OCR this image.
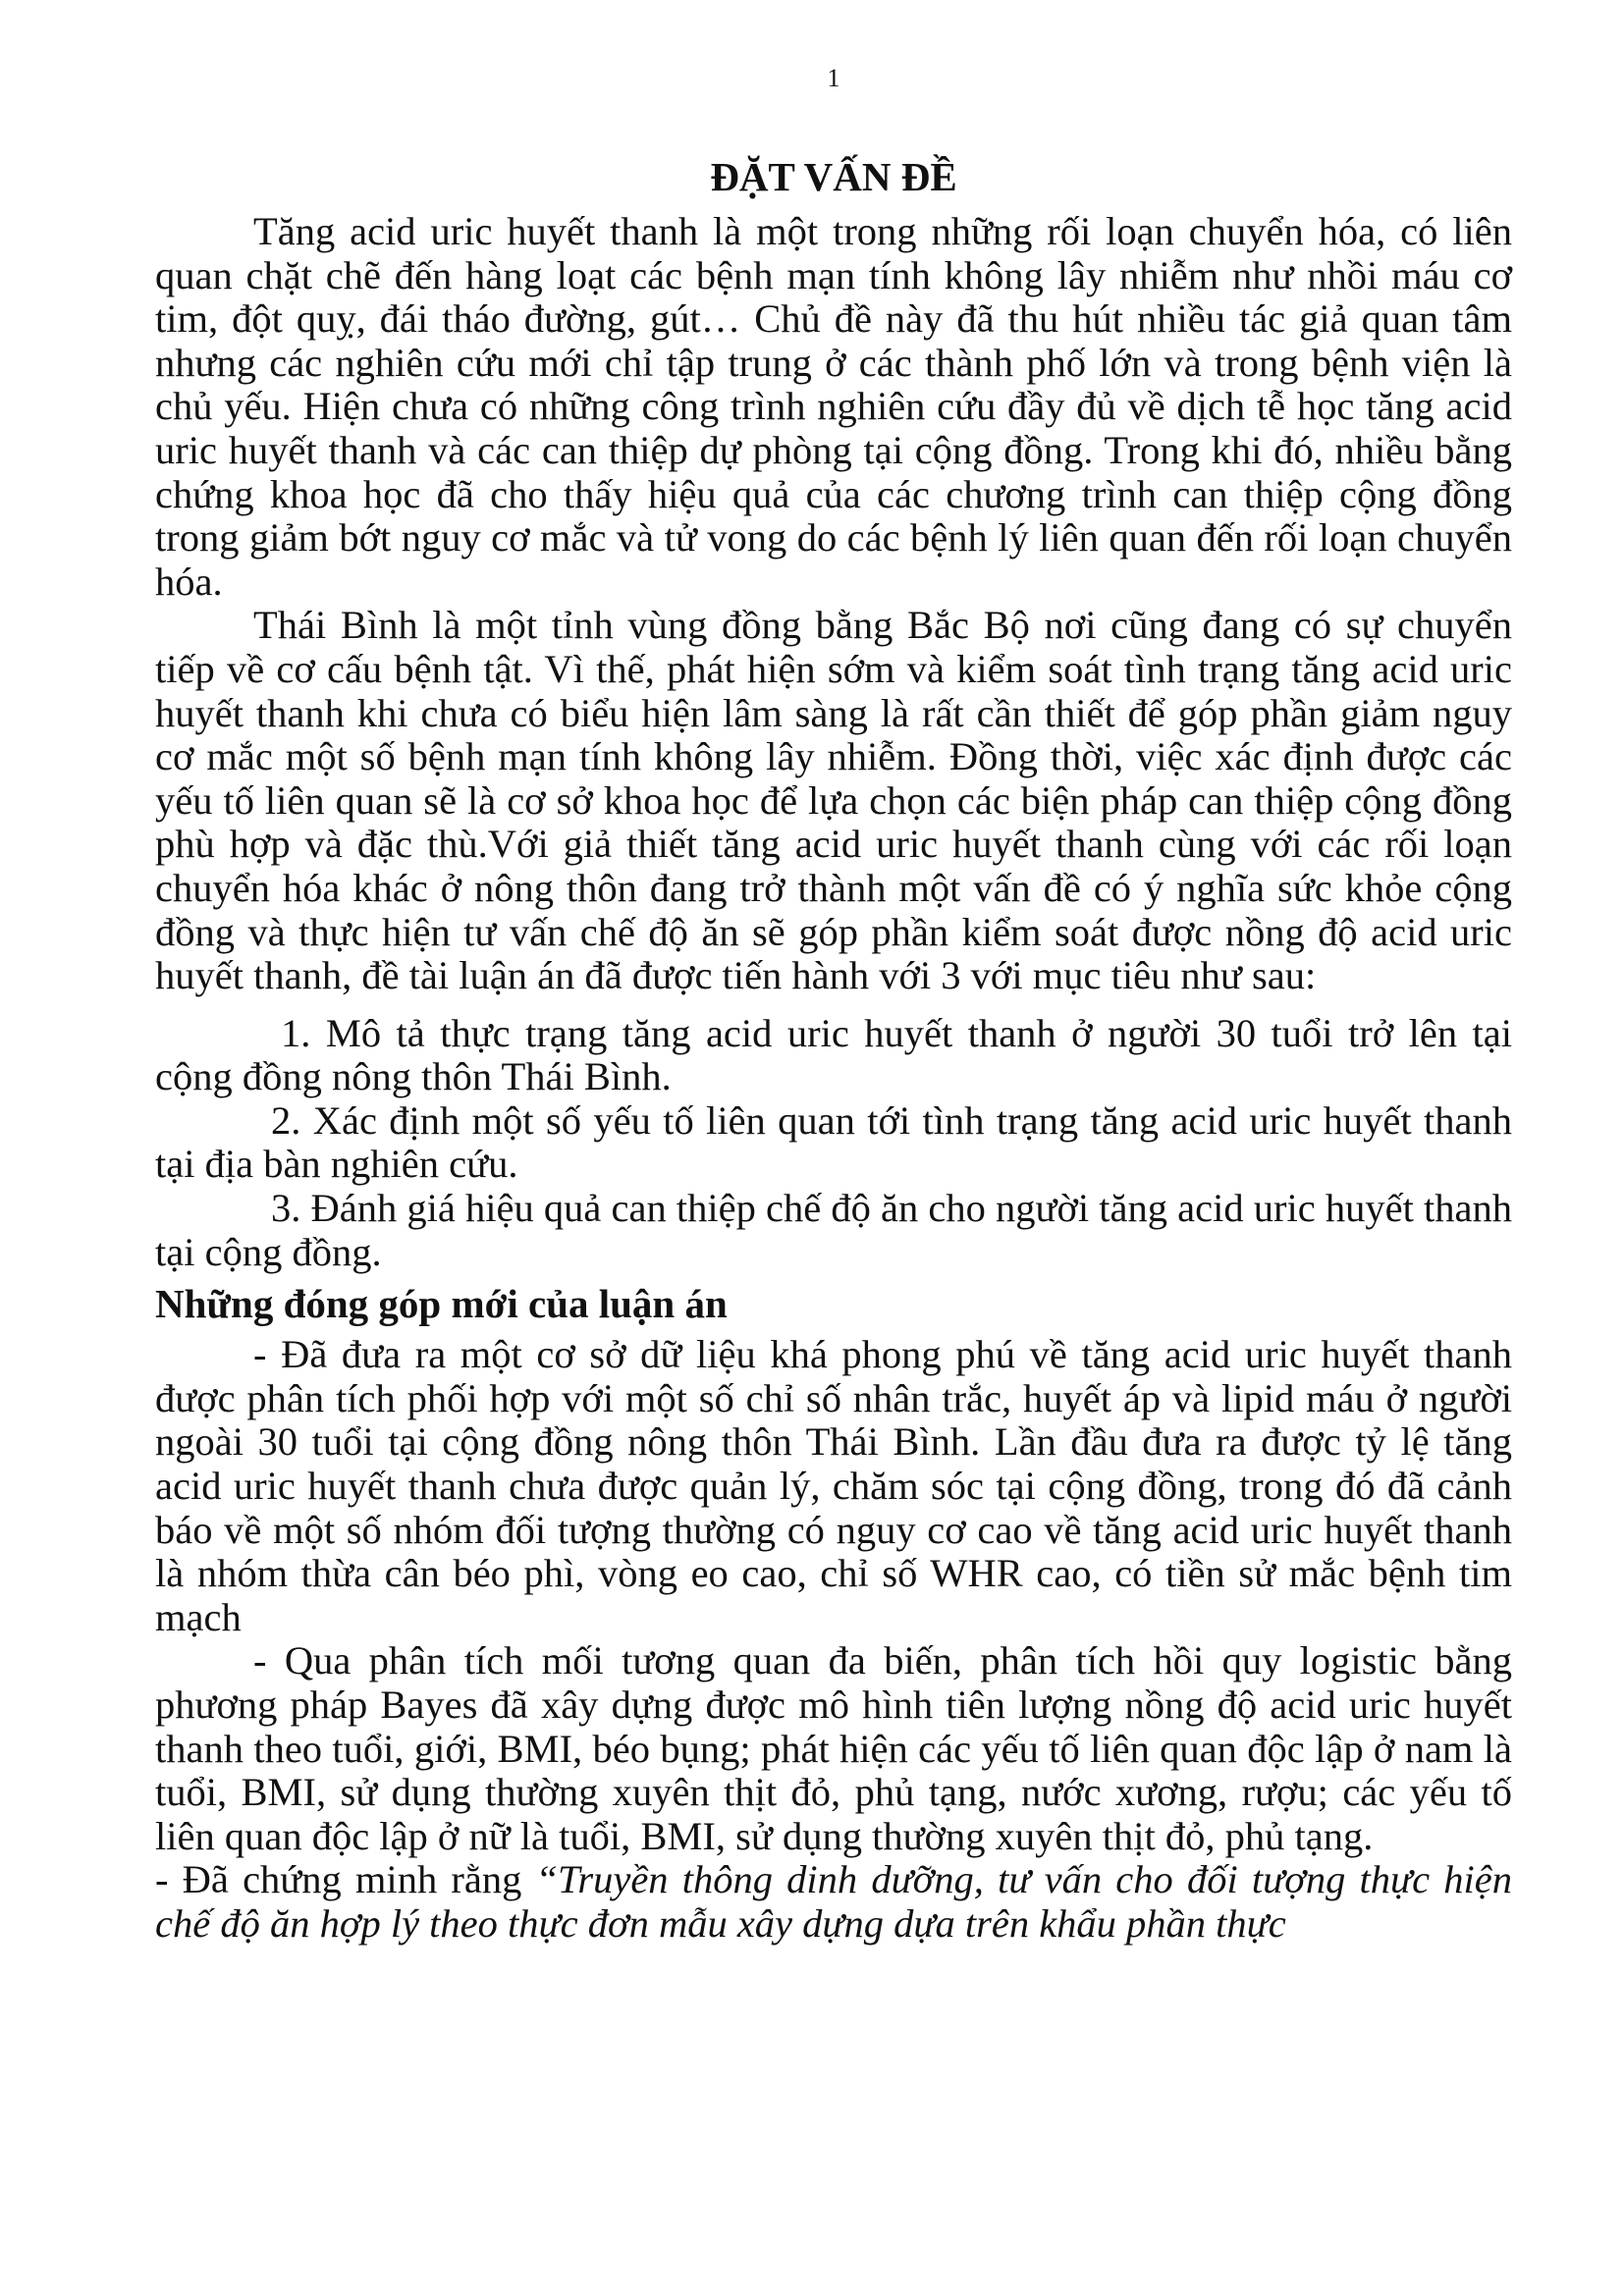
1
ĐẶT VẤN ĐỀ

Tăng acid uric huyết thanh là một trong những rối loạn chuyển hóa, có liên quan chặt chẽ đến hàng loạt các bệnh mạn tính không lây nhiễm như nhồi máu cơ tim, đột quỵ, đái tháo đường, gút… Chủ đề này đã thu hút nhiều tác giả quan tâm nhưng các nghiên cứu mới chỉ tập trung ở các thành phố lớn và trong bệnh viện là chủ yếu. Hiện chưa có những công trình nghiên cứu đầy đủ về dịch tễ học tăng acid uric huyết thanh và các can thiệp dự phòng tại cộng đồng. Trong khi đó, nhiều bằng chứng khoa học đã cho thấy hiệu quả của các chương trình can thiệp cộng đồng trong giảm bớt nguy cơ mắc và tử vong do các bệnh lý liên quan đến rối loạn chuyển hóa.

Thái Bình là một tỉnh vùng đồng bằng Bắc Bộ nơi cũng đang có sự chuyển tiếp về cơ cấu bệnh tật. Vì thế, phát hiện sớm và kiểm soát tình trạng tăng acid uric huyết thanh khi chưa có biểu hiện lâm sàng là rất cần thiết để góp phần giảm nguy cơ mắc một số bệnh mạn tính không lây nhiễm. Đồng thời, việc xác định được các yếu tố liên quan sẽ là cơ sở khoa học để lựa chọn các biện pháp can thiệp cộng đồng phù hợp và đặc thù.Với giả thiết tăng acid uric huyết thanh cùng với các rối loạn chuyển hóa khác ở nông thôn đang trở thành một vấn đề có ý nghĩa sức khỏe cộng đồng và thực hiện tư vấn chế độ ăn sẽ góp phần kiểm soát được nồng độ acid uric huyết thanh, đề tài luận án đã được tiến hành với 3 với mục tiêu như sau:

1. Mô tả thực trạng tăng acid uric huyết thanh ở người 30 tuổi trở lên tại cộng đồng nông thôn Thái Bình.

2. Xác định một số yếu tố liên quan tới tình trạng tăng acid uric huyết thanh tại địa bàn nghiên cứu.

3. Đánh giá hiệu quả can thiệp chế độ ăn cho người tăng acid uric huyết thanh tại cộng đồng.

Những đóng góp mới của luận án

- Đã đưa ra một cơ sở dữ liệu khá phong phú về tăng acid uric huyết thanh được phân tích phối hợp với một số chỉ số nhân trắc, huyết áp và lipid máu ở người ngoài 30 tuổi tại cộng đồng nông thôn Thái Bình. Lần đầu đưa ra được tỷ lệ tăng acid uric huyết thanh chưa được quản lý, chăm sóc tại cộng đồng, trong đó đã cảnh báo về một số nhóm đối tượng thường có nguy cơ cao về tăng acid uric huyết thanh là nhóm thừa cân béo phì, vòng eo cao, chỉ số WHR cao, có tiền sử mắc bệnh tim mạch

- Qua phân tích mối tương quan đa biến, phân tích hồi quy logistic bằng phương pháp Bayes đã xây dựng được mô hình tiên lượng nồng độ acid uric huyết thanh theo tuổi, giới, BMI, béo bụng; phát hiện các yếu tố liên quan độc lập ở nam là tuổi, BMI, sử dụng thường xuyên thịt đỏ, phủ tạng, nước xương, rượu; các yếu tố liên quan độc lập ở nữ là tuổi, BMI, sử dụng thường xuyên thịt đỏ, phủ tạng.

- Đã chứng minh rằng “Truyền thông dinh dưỡng, tư vấn cho đối tượng thực hiện chế độ ăn hợp lý theo thực đơn mẫu xây dựng dựa trên khẩu phần thực
